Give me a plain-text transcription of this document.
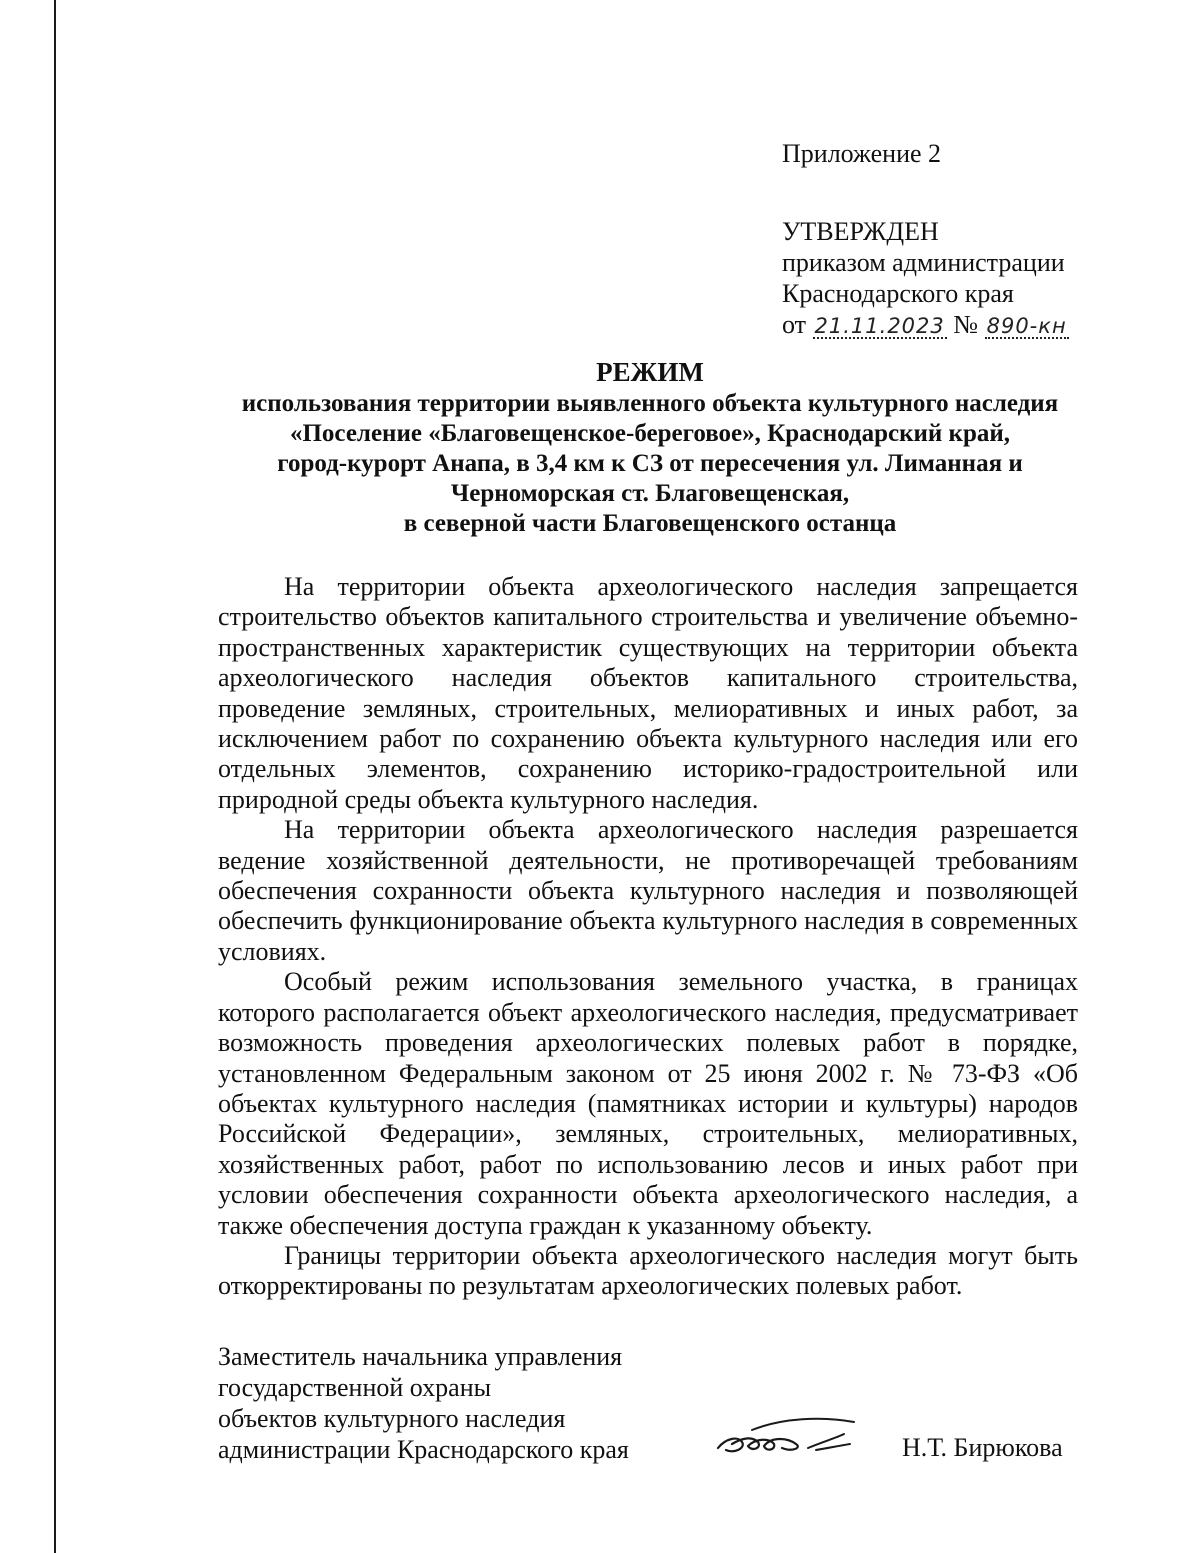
Приложение 2
УТВЕРЖДЕН
приказом администрации
Краснодарского края
от 21.11.2023 № 890-кн
РЕЖИМ
использования территории выявленного объекта культурного наследия
«Поселение «Благовещенское-береговое», Краснодарский край,
город-курорт Анапа, в 3,4 км к СЗ от пересечения ул. Лиманная и
Черноморская ст. Благовещенская,
в северной части Благовещенского останца

На территории объекта археологического наследия запрещается строительство объектов капитального строительства и увеличение объемно-пространственных характеристик существующих на территории объекта археологического наследия объектов капитального строительства, проведение земляных, строительных, мелиоративных и иных работ, за исключением работ по сохранению объекта культурного наследия или его отдельных элементов, сохранению историко-градостроительной или природной среды объекта культурного наследия.

На территории объекта археологического наследия разрешается ведение хозяйственной деятельности, не противоречащей требованиям обеспечения сохранности объекта культурного наследия и позволяющей обеспечить функционирование объекта культурного наследия в современных условиях.

Особый режим использования земельного участка, в границах которого располагается объект археологического наследия, предусматривает возможность проведения археологических полевых работ в порядке, установленном Федеральным законом от 25 июня 2002 г. № 73-ФЗ «Об объектах культурного наследия (памятниках истории и культуры) народов Российской Федерации», земляных, строительных, мелиоративных, хозяйственных работ, работ по использованию лесов и иных работ при условии обеспечения сохранности объекта археологического наследия, а также обеспечения доступа граждан к указанному объекту.

Границы территории объекта археологического наследия могут быть откорректированы по результатам археологических полевых работ.

Заместитель начальника управления
государственной охраны
объектов культурного наследия
администрации Краснодарского края	Н.Т. Бирюкова
